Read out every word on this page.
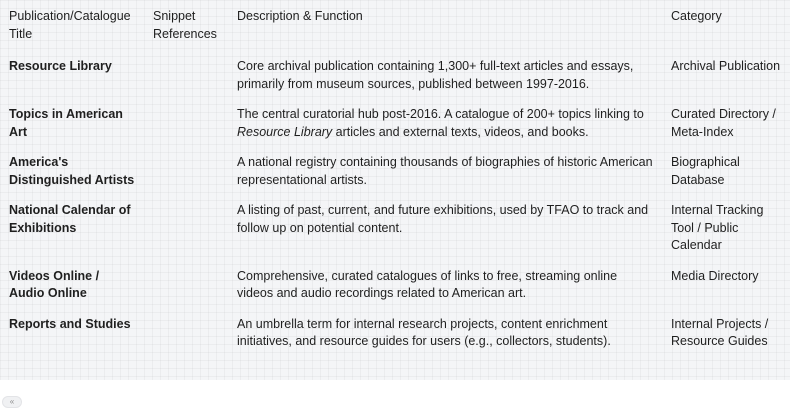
Publication/Catalogue Title	Snippet References	Description & Function	Category
Resource Library		Core archival publication containing 1,300+ full-text articles and essays, primarily from museum sources, published between 1997-2016.	Archival Publication
Topics in American Art		The central curatorial hub post-2016. A catalogue of 200+ topics linking to Resource Library articles and external texts, videos, and books.	Curated Directory / Meta-Index
America's Distinguished Artists		A national registry containing thousands of biographies of historic American representational artists.	Biographical Database
National Calendar of Exhibitions		A listing of past, current, and future exhibitions, used by TFAO to track and follow up on potential content.	Internal Tracking Tool / Public Calendar
Videos Online / Audio Online		Comprehensive, curated catalogues of links to free, streaming online videos and audio recordings related to American art.	Media Directory
Reports and Studies		An umbrella term for internal research projects, content enrichment initiatives, and resource guides for users (e.g., collectors, students).	Internal Projects / Resource Guides
«
